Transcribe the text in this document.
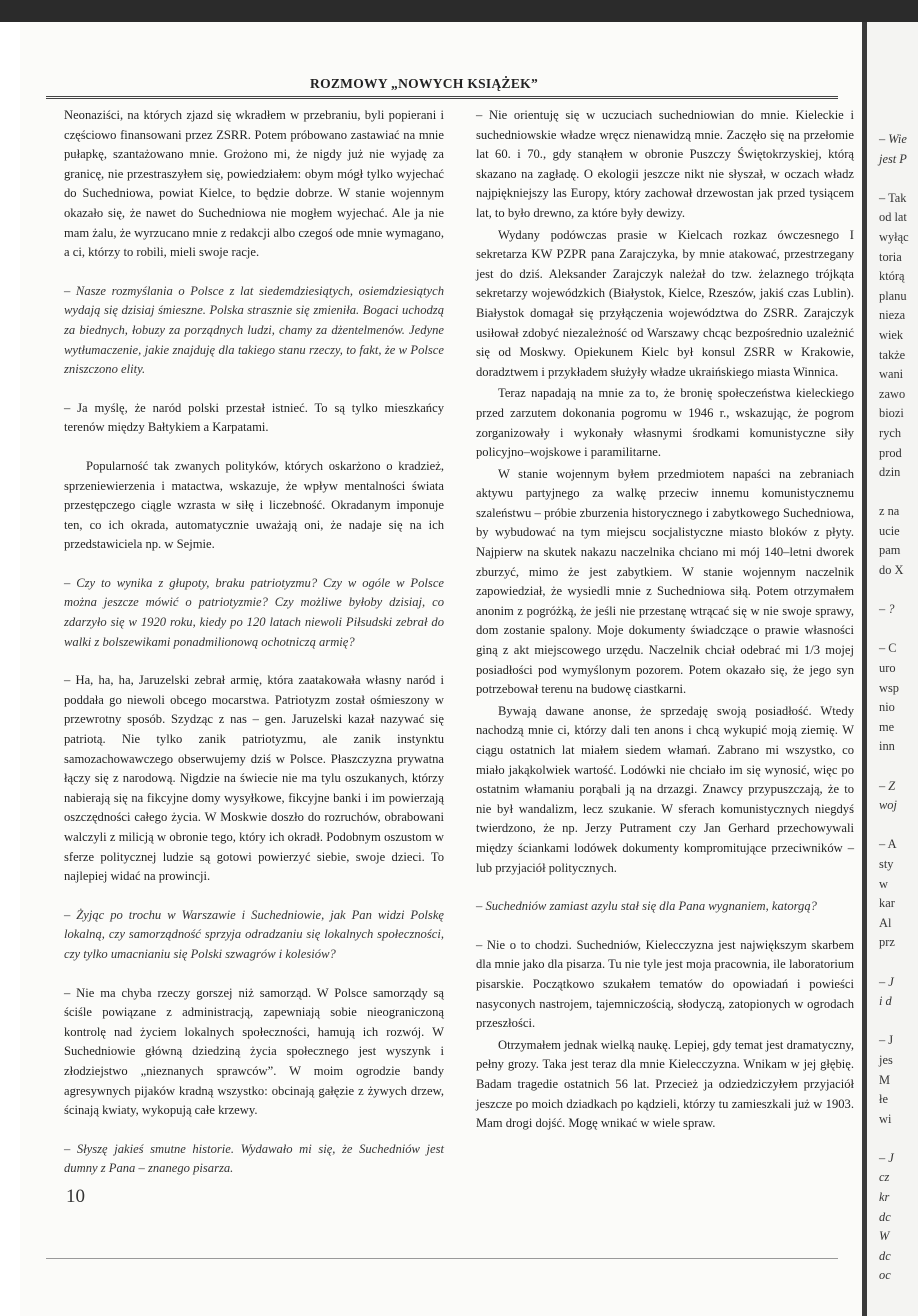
ROZMOWY „NOWYCH KSIĄŻEK”

Neonaziści, na których zjazd się wkradłem w przebraniu, byli popierani i częściowo finansowani przez ZSRR. Potem próbowano zastawiać na mnie pułapkę, szantażowano mnie. Grożono mi, że nigdy już nie wyjadę za granicę, nie przestraszyłem się, powiedziałem: obym mógł tylko wyjechać do Suchedniowa, powiat Kielce, to będzie dobrze. W stanie wojennym okazało się, że nawet do Suchedniowa nie mogłem wyjechać. Ale ja nie mam żalu, że wyrzucano mnie z redakcji albo czegoś ode mnie wymagano, a ci, którzy to robili, mieli swoje racje.

– Nasze rozmyślania o Polsce z lat siedemdziesiątych, osiemdziesiątych wydają się dzisiaj śmieszne. Polska strasznie się zmieniła. Bogaci uchodzą za biednych, łobuzy za porządnych ludzi, chamy za dżentelmenów. Jedyne wytłumaczenie, jakie znajduję dla takiego stanu rzeczy, to fakt, że w Polsce zniszczono elity.

– Ja myślę, że naród polski przestał istnieć. To są tylko mieszkańcy terenów między Bałtykiem a Karpatami.

Popularność tak zwanych polityków, których oskarżono o kradzież, sprzeniewierzenia i matactwa, wskazuje, że wpływ mentalności świata przestępczego ciągle wzrasta w siłę i liczebność. Okradanym imponuje ten, co ich okrada, automatycznie uważają oni, że nadaje się na ich przedstawiciela np. w Sejmie.

– Czy to wynika z głupoty, braku patriotyzmu? Czy w ogóle w Polsce można jeszcze mówić o patriotyzmie? Czy możliwe byłoby dzisiaj, co zdarzyło się w 1920 roku, kiedy po 120 latach niewoli Piłsudski zebrał do walki z bolszewikami ponadmilionową ochotniczą armię?

– Ha, ha, ha, Jaruzelski zebrał armię, która zaatakowała własny naród i poddała go niewoli obcego mocarstwa. Patriotyzm został ośmieszony w przewrotny sposób. Szydząc z nas – gen. Jaruzelski kazał nazywać się patriotą. Nie tylko zanik patriotyzmu, ale zanik instynktu samozachowawczego obserwujemy dziś w Polsce. Płaszczyzna prywatna łączy się z narodową. Nigdzie na świecie nie ma tylu oszukanych, którzy nabierają się na fikcyjne domy wysyłkowe, fikcyjne banki i im powierzają oszczędności całego życia. W Moskwie doszło do rozruchów, obrabowani walczyli z milicją w obronie tego, który ich okradł. Podobnym oszustom w sferze politycznej ludzie są gotowi powierzyć siebie, swoje dzieci. To najlepiej widać na prowincji.

– Żyjąc po trochu w Warszawie i Suchedniowie, jak Pan widzi Polskę lokalną, czy samorządność sprzyja odradzaniu się lokalnych społeczności, czy tylko umacnianiu się Polski szwagrów i kolesiów?

– Nie ma chyba rzeczy gorszej niż samorząd. W Polsce samorządy są ściśle powiązane z administracją, zapewniają sobie nieograniczoną kontrolę nad życiem lokalnych społeczności, hamują ich rozwój. W Suchedniowie główną dziedziną życia społecznego jest wyszynk i złodziejstwo „nieznanych sprawców”. W moim ogrodzie bandy agresywnych pijaków kradną wszystko: obcinają gałęzie z żywych drzew, ścinają kwiaty, wykopują całe krzewy.

– Słyszę jakieś smutne historie. Wydawało mi się, że Suchedniów jest dumny z Pana – znanego pisarza.

– Nie orientuję się w uczuciach suchedniowian do mnie. Kieleckie i suchedniowskie władze wręcz nienawidzą mnie. Zaczęło się na przełomie lat 60. i 70., gdy stanąłem w obronie Puszczy Świętokrzyskiej, którą skazano na zagładę. O ekologii jeszcze nikt nie słyszał, w oczach władz najpiękniejszy las Europy, który zachował drzewostan jak przed tysiącem lat, to było drewno, za które były dewizy.

Wydany podówczas prasie w Kielcach rozkaz ówczesnego I sekretarza KW PZPR pana Zarajczyka, by mnie atakować, przestrzegany jest do dziś. Aleksander Zarajczyk należał do tzw. żelaznego trójkąta sekretarzy wojewódzkich (Białystok, Kielce, Rzeszów, jakiś czas Lublin). Białystok domagał się przyłączenia województwa do ZSRR. Zarajczyk usiłował zdobyć niezależność od Warszawy chcąc bezpośrednio uzależnić się od Moskwy. Opiekunem Kielc był konsul ZSRR w Krakowie, doradztwem i przykładem służyły władze ukraińskiego miasta Winnica.

Teraz napadają na mnie za to, że bronię społeczeństwa kieleckiego przed zarzutem dokonania pogromu w 1946 r., wskazując, że pogrom zorganizowały i wykonały własnymi środkami komunistyczne siły policyjno–wojskowe i paramilitarne.

W stanie wojennym byłem przedmiotem napaści na zebraniach aktywu partyjnego za walkę przeciw innemu komunistycznemu szaleństwu – próbie zburzenia historycznego i zabytkowego Suchedniowa, by wybudować na tym miejscu socjalistyczne miasto bloków z płyty. Najpierw na skutek nakazu naczelnika chciano mi mój 140–letni dworek zburzyć, mimo że jest zabytkiem. W stanie wojennym naczelnik zapowiedział, że wysiedli mnie z Suchedniowa siłą. Potem otrzymałem anonim z pogróżką, że jeśli nie przestanę wtrącać się w nie swoje sprawy, dom zostanie spalony. Moje dokumenty świadczące o prawie własności giną z akt miejscowego urzędu. Naczelnik chciał odebrać mi 1/3 mojej posiadłości pod wymyślonym pozorem. Potem okazało się, że jego syn potrzebował terenu na budowę ciastkarni.

Bywają dawane anonse, że sprzedaję swoją posiadłość. Wtedy nachodzą mnie ci, którzy dali ten anons i chcą wykupić moją ziemię. W ciągu ostatnich lat miałem siedem włamań. Zabrano mi wszystko, co miało jakąkolwiek wartość. Lodówki nie chciało im się wynosić, więc po ostatnim włamaniu porąbali ją na drzazgi. Znawcy przypuszczają, że to nie był wandalizm, lecz szukanie. W sferach komunistycznych niegdyś twierdzono, że np. Jerzy Putrament czy Jan Gerhard przechowywali między ściankami lodówek dokumenty kompromitujące przeciwników – lub przyjaciół politycznych.

– Suchedniów zamiast azylu stał się dla Pana wygnaniem, katorgą?

– Nie o to chodzi. Suchedniów, Kielecczyzna jest największym skarbem dla mnie jako dla pisarza. Tu nie tyle jest moja pracownia, ile laboratorium pisarskie. Początkowo szukałem tematów do opowiadań i powieści nasyconych nastrojem, tajemniczością, słodyczą, zatopionych w ogrodach przeszłości.

Otrzymałem jednak wielką naukę. Lepiej, gdy temat jest dramatyczny, pełny grozy. Taka jest teraz dla mnie Kielecczyzna. Wnikam w jej głębię. Badam tragedie ostatnich 56 lat. Przecież ja odziedziczyłem przyjaciół jeszcze po moich dziadkach po kądzieli, którzy tu zamieszkali już w 1903. Mam drogi dojść. Mogę wnikać w wiele spraw.

10
– Wie
jest P

– Tak
od lat
wyłąc
toria
którą
planu
nieza
wiek
także
wani
zawo
biozi
rych
prod
dzin

z na
ucie
pam
do X

– ?

– C
uro
wsp
nio
me
inn

– Z
woj

– A
sty
w
kar
Al
prz

– J
i d

– J
jes
M
łe
wi

– J
cz
kr
dc
W
dc
oc
